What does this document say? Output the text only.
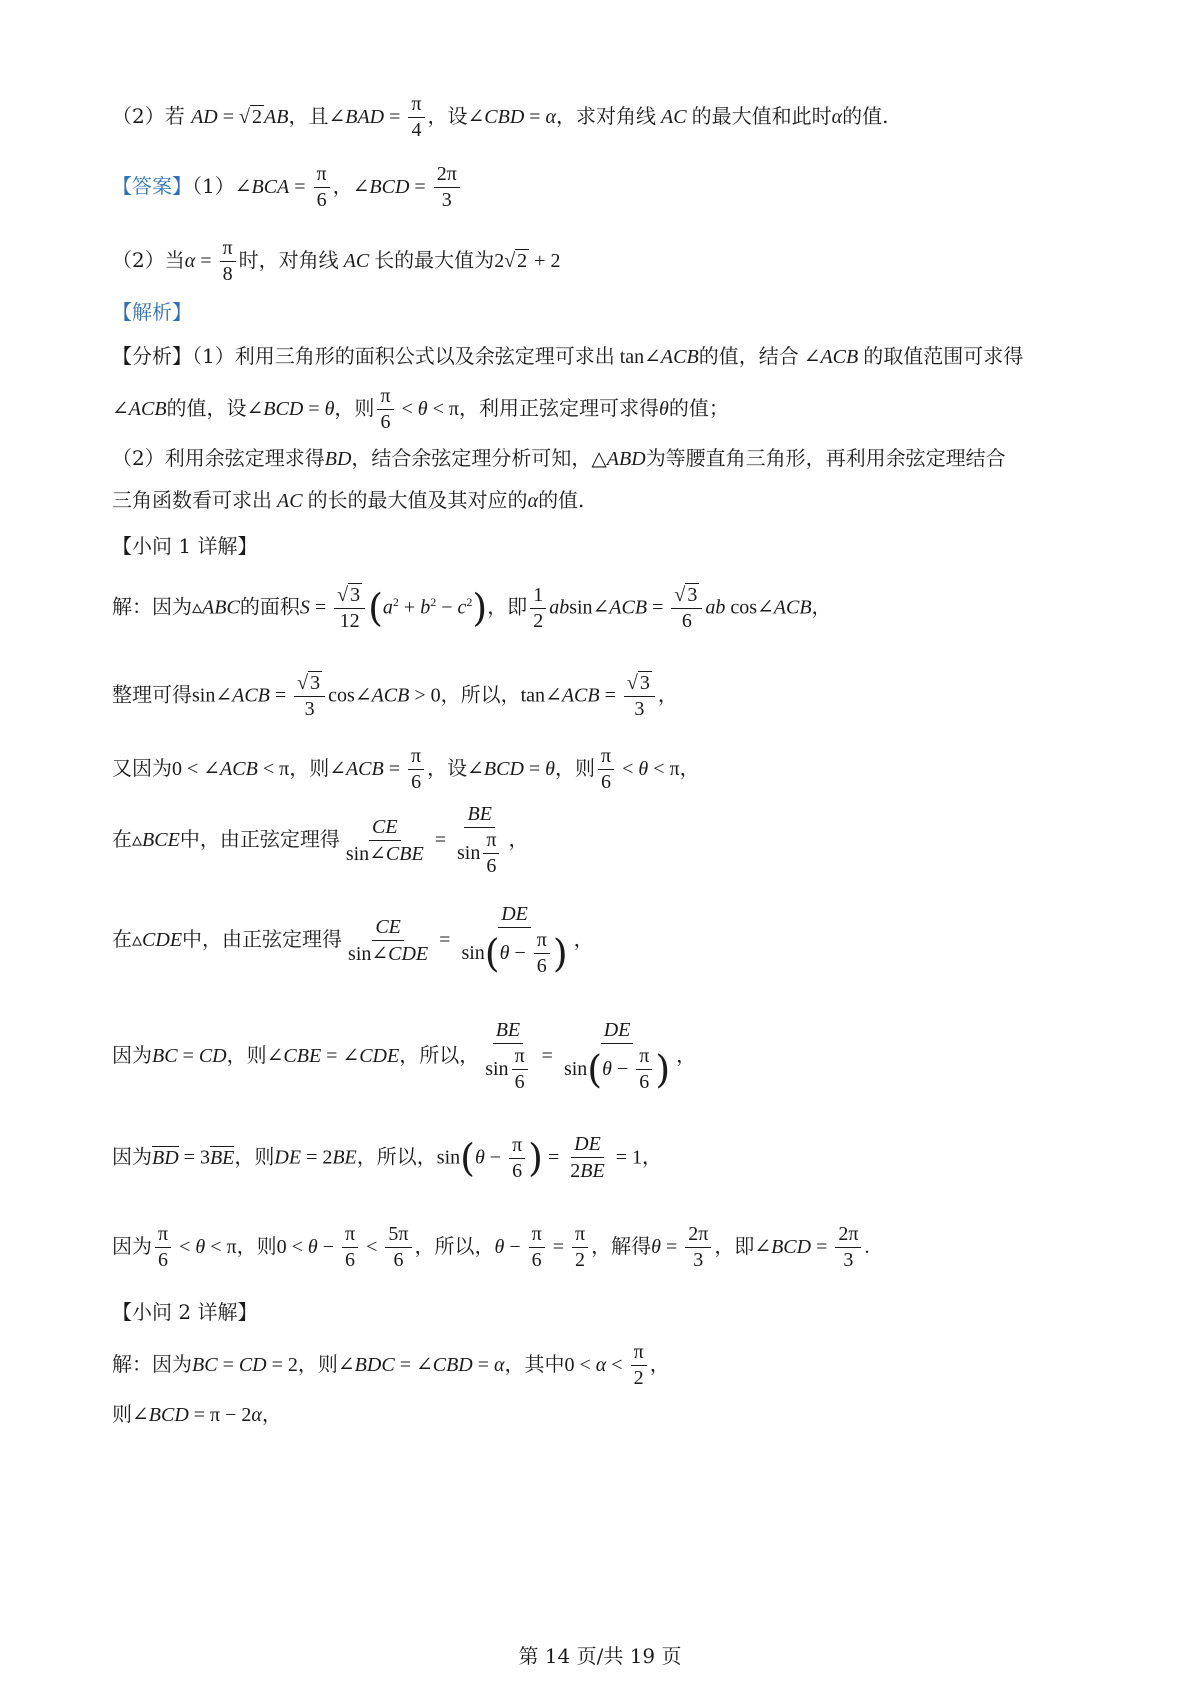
（2）若 AD = √ 2 AB，且∠BAD = $\frac{\pi}{4}$ ，设∠CBD = α，求对角线 AC 的最大值和此时α的值.
【答案】（1）∠BCA = $\frac{\pi}{6}$ ，∠BCD = $\frac{2\pi}{3}$
（2）当$\alpha = \frac{\pi}{8}$ 时，对角线 AC 长的最大值为2√ 2 + 2
【解析】
【分析】（1）利用三角形的面积公式以及余弦定理可求出 tan∠ACB的值，结合 ∠ACB 的取值范围可求得
∠ACB的值，设∠BCD = θ，则 $\frac{\pi}{6} < \theta < \pi$，利用正弦定理可求得θ的值；
（2）利用余弦定理求得BD，结合余弦定理分析可知，△ABD为等腰直角三角形，再利用余弦定理结合
三角函数看可求出 AC 的长的最大值及其对应的α的值.
【小问 1 详解】
解：因为▵ABC的面积$S = \frac{√ 3}{12} (a^2 + b^2 - c^2)$，即 $\frac{1}{2}$ absin∠ACB = $\frac{√ 3}{6}$ ab cos∠ACB，
整理可得sin∠ACB = $\frac{√ 3}{3}$ cos∠ACB > 0，所以，tan∠ACB = $\frac{√ 3}{3}$ ，
又因为0 < ∠ACB < π，则∠ACB = $\frac{\pi}{6}$ ，设∠BCD = θ，则 $\frac{\pi}{6} < \theta < \pi$，
在▵BCE中，由正弦定理得 $\frac{CE}{\text{sin∠CBE}} = \frac{BE}{\sin \frac{\pi}{6}}$ ，
在▵CDE中，由正弦定理得 $\frac{CE}{\text{sin∠CDE}} = \frac{DE}{\sin(\theta - \frac{\pi}{6} )}$ ，
因为BC = CD，则∠CBE = ∠CDE，所以， $\frac{BE}{\sin \frac{\pi}{6}} = \frac{DE}{\sin(\theta - \frac{\pi}{6} )}$ ，
因为BD = 3BE，则DE = 2BE，所以，$\sin(\theta - \frac{\pi}{6}$ ) = $\frac{DE}{2BE} = 1$，
因为 $\frac{\pi}{6} < \theta < \pi$，则$0 < \theta - \frac{\pi}{6} < \frac{5\pi}{6}$ ，所以，$\theta - \frac{\pi}{6} = \frac{\pi}{2}$ ，解得$\theta = \frac{2\pi}{3}$ ，即∠BCD = $\frac{2\pi}{3}$ .
【小问 2 详解】
解：因为BC = CD = 2，则∠BDC = ∠CBD = α，其中$0 < \alpha < \frac{\pi}{2}$ ，
则∠BCD = π − 2α，
第 14 页/共 19 页
